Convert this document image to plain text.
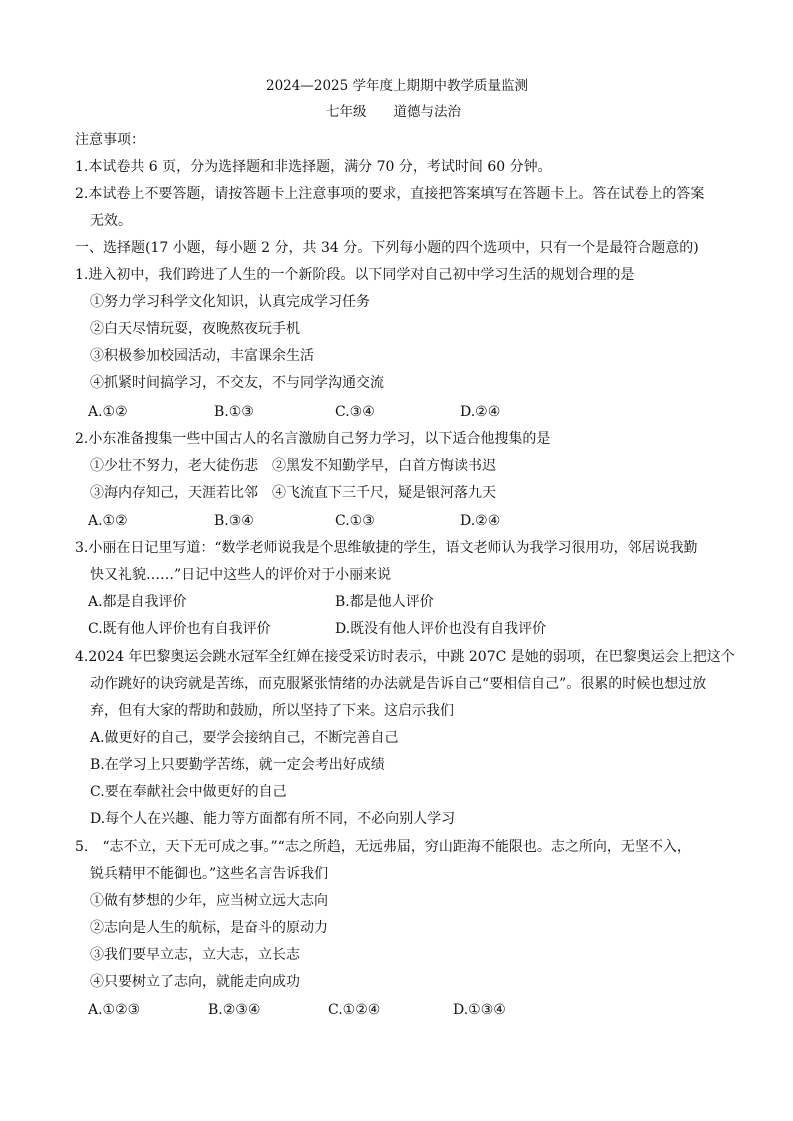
2024—2025 学年度上期期中教学质量监测
七年级　　道德与法治
注意事项：
1.本试卷共 6 页，分为选择题和非选择题，满分 70 分，考试时间 60 分钟。
2.本试卷上不要答题，请按答题卡上注意事项的要求，直接把答案填写在答题卡上。答在试卷上的答案
无效。
一、选择题(17 小题，每小题 2 分，共 34 分。下列每小题的四个选项中，只有一个是最符合题意的)
1.进入初中，我们跨进了人生的一个新阶段。以下同学对自己初中学习生活的规划合理的是
①努力学习科学文化知识，认真完成学习任务
②白天尽情玩耍，夜晚熬夜玩手机
③积极参加校园活动，丰富课余生活
④抓紧时间搞学习，不交友，不与同学沟通交流
A.①②	B.①③	C.③④	D.②④
2.小东准备搜集一些中国古人的名言激励自己努力学习，以下适合他搜集的是
①少壮不努力，老大徒伤悲　②黑发不知勤学早，白首方悔读书迟
③海内存知己，天涯若比邻　④飞流直下三千尺，疑是银河落九天
A.①②	B.③④	C.①③	D.②④
3.小丽在日记里写道：“数学老师说我是个思维敏捷的学生，语文老师认为我学习很用功，邻居说我勤
快又礼貌……”日记中这些人的评价对于小丽来说
A.都是自我评价	B.都是他人评价
C.既有他人评价也有自我评价	D.既没有他人评价也没有自我评价
4.2024 年巴黎奥运会跳水冠军全红婵在接受采访时表示，中跳 207C 是她的弱项，在巴黎奥运会上把这个
动作跳好的诀窍就是苦练，而克服紧张情绪的办法就是告诉自己“要相信自己”。很累的时候也想过放
弃，但有大家的帮助和鼓励，所以坚持了下来。这启示我们
A.做更好的自己，要学会接纳自己，不断完善自己
B.在学习上只要勤学苦练，就一定会考出好成绩
C.要在奉献社会中做更好的自己
D.每个人在兴趣、能力等方面都有所不同，不必向别人学习
5.　“志不立，天下无可成之事。”“志之所趋，无远弗届，穷山距海不能限也。志之所向，无坚不入，
锐兵精甲不能御也。”这些名言告诉我们
①做有梦想的少年，应当树立远大志向
②志向是人生的航标，是奋斗的原动力
③我们要早立志，立大志，立长志
④只要树立了志向，就能走向成功
A.①②③	B.②③④	C.①②④	D.①③④
